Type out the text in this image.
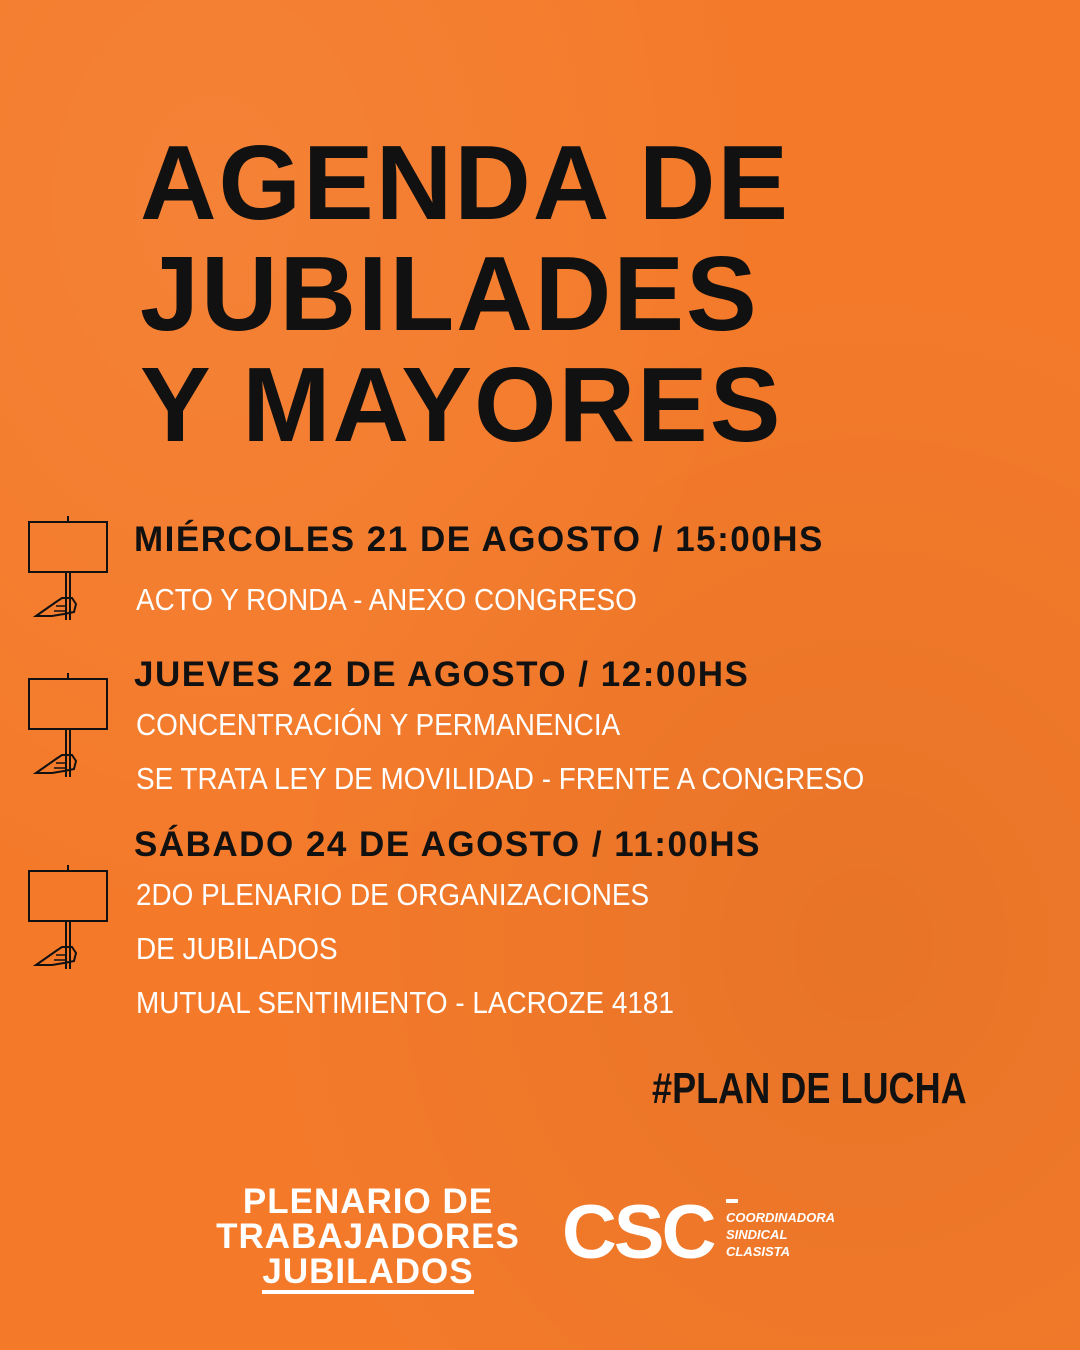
AGENDA DE
JUBILADES
Y MAYORES
MIÉRCOLES 21 DE AGOSTO / 15:00HS

ACTO Y RONDA - ANEXO CONGRESO

JUEVES 22 DE AGOSTO / 12:00HS

CONCENTRACIÓN Y PERMANENCIA

SE TRATA LEY DE MOVILIDAD - FRENTE A CONGRESO

SÁBADO 24 DE AGOSTO / 11:00HS

2DO PLENARIO DE ORGANIZACIONES

DE JUBILADOS

MUTUAL SENTIMIENTO - LACROZE 4181

#PLAN DE LUCHA

PLENARIO DE
TRABAJADORES
JUBILADOS	CSC COORDINADORA
SINDICAL
CLASISTA
